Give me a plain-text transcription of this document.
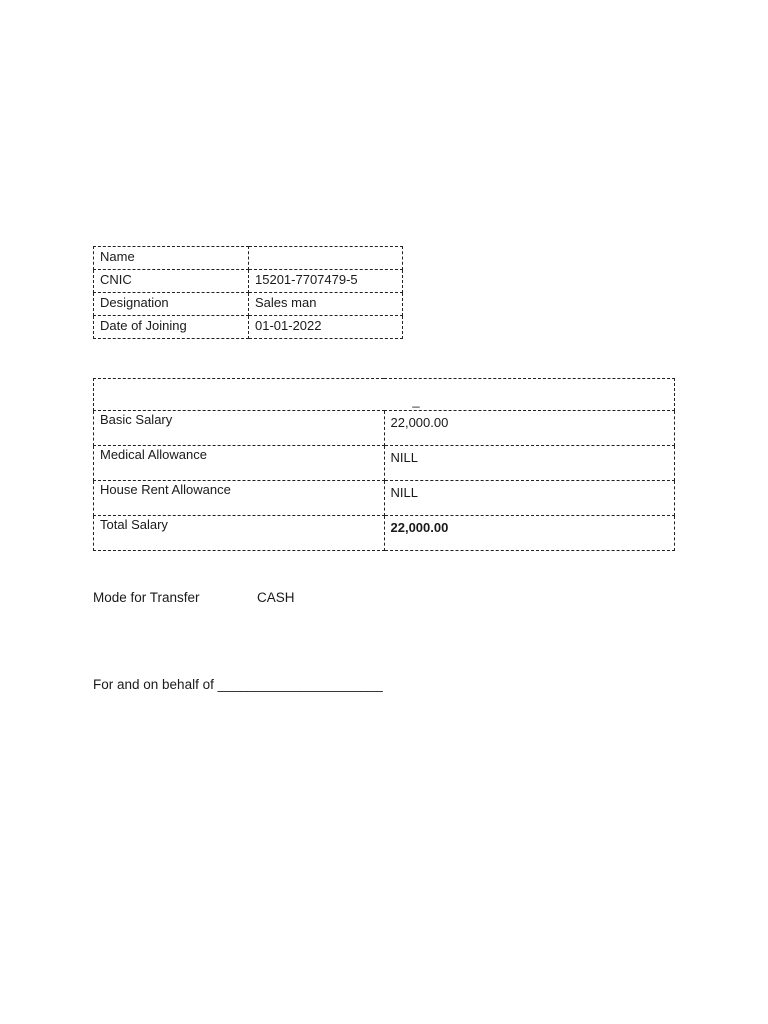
Name	
CNIC	15201-7707479-5
Designation	Sales man
Date of Joining	01-01-2022
_	
Basic Salary	22,000.00
Medical Allowance	NILL
House Rent Allowance	NILL
Total Salary	22,000.00
Mode for Transfer	CASH
For and on behalf of ______________________
